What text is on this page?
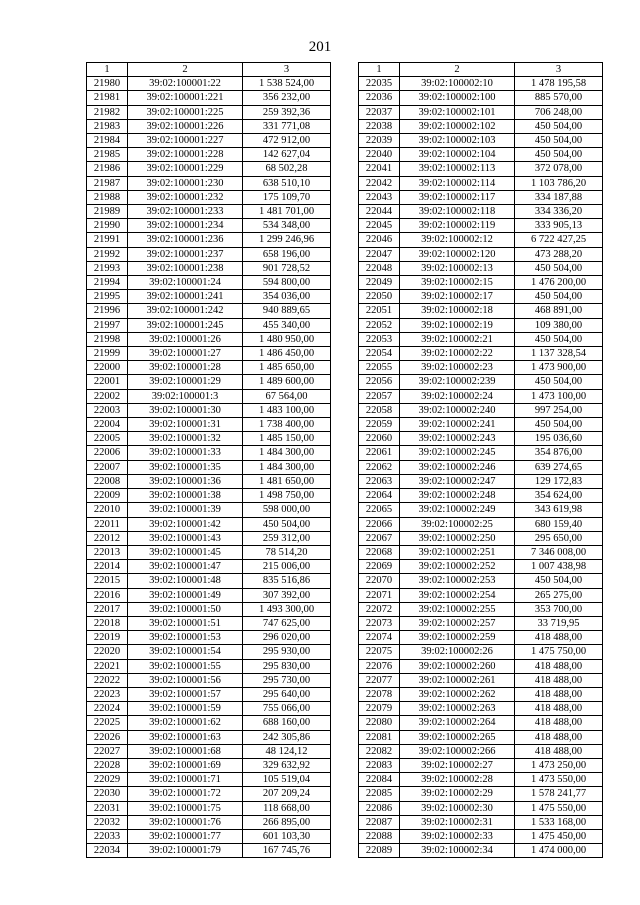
201
1	2	3
21980	39:02:100001:22	1 538 524,00
21981	39:02:100001:221	356 232,00
21982	39:02:100001:225	259 392,36
21983	39:02:100001:226	331 771,08
21984	39:02:100001:227	472 912,00
21985	39:02:100001:228	142 627,04
21986	39:02:100001:229	68 502,28
21987	39:02:100001:230	638 510,10
21988	39:02:100001:232	175 109,70
21989	39:02:100001:233	1 481 701,00
21990	39:02:100001:234	534 348,00
21991	39:02:100001:236	1 299 246,96
21992	39:02:100001:237	658 196,00
21993	39:02:100001:238	901 728,52
21994	39:02:100001:24	594 800,00
21995	39:02:100001:241	354 036,00
21996	39:02:100001:242	940 889,65
21997	39:02:100001:245	455 340,00
21998	39:02:100001:26	1 480 950,00
21999	39:02:100001:27	1 486 450,00
22000	39:02:100001:28	1 485 650,00
22001	39:02:100001:29	1 489 600,00
22002	39:02:100001:3	67 564,00
22003	39:02:100001:30	1 483 100,00
22004	39:02:100001:31	1 738 400,00
22005	39:02:100001:32	1 485 150,00
22006	39:02:100001:33	1 484 300,00
22007	39:02:100001:35	1 484 300,00
22008	39:02:100001:36	1 481 650,00
22009	39:02:100001:38	1 498 750,00
22010	39:02:100001:39	598 000,00
22011	39:02:100001:42	450 504,00
22012	39:02:100001:43	259 312,00
22013	39:02:100001:45	78 514,20
22014	39:02:100001:47	215 006,00
22015	39:02:100001:48	835 516,86
22016	39:02:100001:49	307 392,00
22017	39:02:100001:50	1 493 300,00
22018	39:02:100001:51	747 625,00
22019	39:02:100001:53	296 020,00
22020	39:02:100001:54	295 930,00
22021	39:02:100001:55	295 830,00
22022	39:02:100001:56	295 730,00
22023	39:02:100001:57	295 640,00
22024	39:02:100001:59	755 066,00
22025	39:02:100001:62	688 160,00
22026	39:02:100001:63	242 305,86
22027	39:02:100001:68	48 124,12
22028	39:02:100001:69	329 632,92
22029	39:02:100001:71	105 519,04
22030	39:02:100001:72	207 209,24
22031	39:02:100001:75	118 668,00
22032	39:02:100001:76	266 895,00
22033	39:02:100001:77	601 103,30
22034	39:02:100001:79	167 745,76
1	2	3
22035	39:02:100002:10	1 478 195,58
22036	39:02:100002:100	885 570,00
22037	39:02:100002:101	706 248,00
22038	39:02:100002:102	450 504,00
22039	39:02:100002:103	450 504,00
22040	39:02:100002:104	450 504,00
22041	39:02:100002:113	372 078,00
22042	39:02:100002:114	1 103 786,20
22043	39:02:100002:117	334 187,88
22044	39:02:100002:118	334 336,20
22045	39:02:100002:119	333 905,13
22046	39:02:100002:12	6 722 427,25
22047	39:02:100002:120	473 288,20
22048	39:02:100002:13	450 504,00
22049	39:02:100002:15	1 476 200,00
22050	39:02:100002:17	450 504,00
22051	39:02:100002:18	468 891,00
22052	39:02:100002:19	109 380,00
22053	39:02:100002:21	450 504,00
22054	39:02:100002:22	1 137 328,54
22055	39:02:100002:23	1 473 900,00
22056	39:02:100002:239	450 504,00
22057	39:02:100002:24	1 473 100,00
22058	39:02:100002:240	997 254,00
22059	39:02:100002:241	450 504,00
22060	39:02:100002:243	195 036,60
22061	39:02:100002:245	354 876,00
22062	39:02:100002:246	639 274,65
22063	39:02:100002:247	129 172,83
22064	39:02:100002:248	354 624,00
22065	39:02:100002:249	343 619,98
22066	39:02:100002:25	680 159,40
22067	39:02:100002:250	295 650,00
22068	39:02:100002:251	7 346 008,00
22069	39:02:100002:252	1 007 438,98
22070	39:02:100002:253	450 504,00
22071	39:02:100002:254	265 275,00
22072	39:02:100002:255	353 700,00
22073	39:02:100002:257	33 719,95
22074	39:02:100002:259	418 488,00
22075	39:02:100002:26	1 475 750,00
22076	39:02:100002:260	418 488,00
22077	39:02:100002:261	418 488,00
22078	39:02:100002:262	418 488,00
22079	39:02:100002:263	418 488,00
22080	39:02:100002:264	418 488,00
22081	39:02:100002:265	418 488,00
22082	39:02:100002:266	418 488,00
22083	39:02:100002:27	1 473 250,00
22084	39:02:100002:28	1 473 550,00
22085	39:02:100002:29	1 578 241,77
22086	39:02:100002:30	1 475 550,00
22087	39:02:100002:31	1 533 168,00
22088	39:02:100002:33	1 475 450,00
22089	39:02:100002:34	1 474 000,00
